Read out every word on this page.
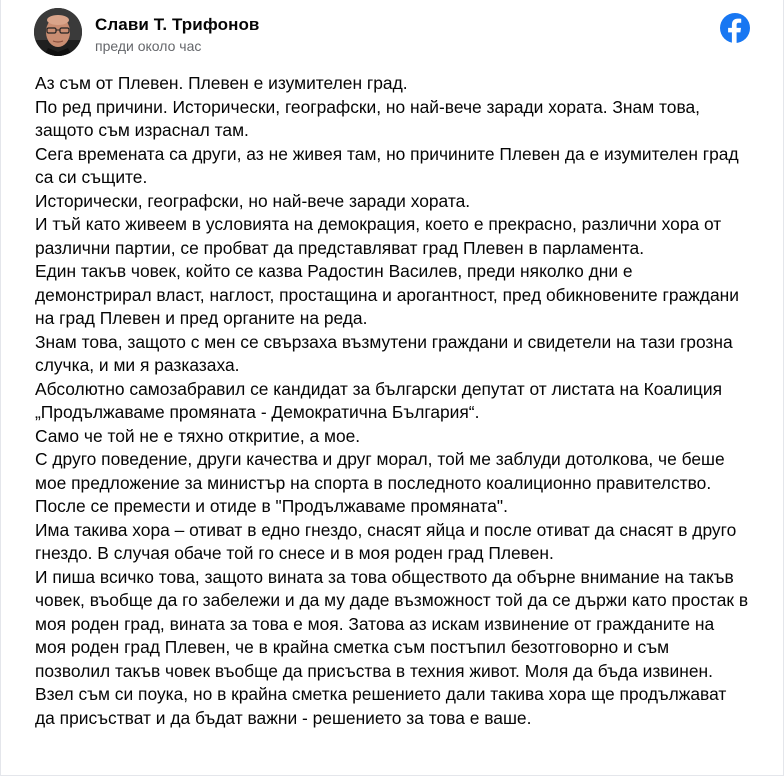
Слави Т. Трифонов
преди около час
Аз съм от Плевен. Плевен е изумителен град.
По ред причини. Исторически, географски, но най-вече заради хората. Знам това,
защото съм израснал там.
Сега времената са други, аз не живея там, но причините Плевен да е изумителен град
са си същите.
Исторически, географски, но най-вече заради хората.
И тъй като живеем в условията на демокрация, което е прекрасно, различни хора от
различни партии, се пробват да представляват град Плевен в парламента.
Един такъв човек, който се казва Радостин Василев, преди няколко дни е
демонстрирал власт, наглост, простащина и арогантност, пред обикновените граждани
на град Плевен и пред органите на реда.
Знам това, защото с мен се свързаха възмутени граждани и свидетели на тази грозна
случка, и ми я разказаха.
Абсолютно самозабравил се кандидат за български депутат от листата на Коалиция
„Продължаваме промяната - Демократична България“.
Само че той не е тяхно откритие, а мое.
С друго поведение, други качества и друг морал, той ме заблуди дотолкова, че беше
мое предложение за министър на спорта в последното коалиционно правителство.
После се премести и отиде в "Продължаваме промяната".
Има такива хора – отиват в едно гнездо, снасят яйца и после отиват да снасят в друго
гнездо. В случая обаче той го снесе и в моя роден град Плевен.
И пиша всичко това, защото вината за това обществото да обърне внимание на такъв
човек, въобще да го забележи и да му даде възможност той да се държи като простак в
моя роден град, вината за това е моя. Затова аз искам извинение от гражданите на
моя роден град Плевен, че в крайна сметка съм постъпил безотговорно и съм
позволил такъв човек въобще да присъства в техния живот. Моля да бъда извинен.
Взел съм си поука, но в крайна сметка решението дали такива хора ще продължават
да присъстват и да бъдат важни - решението за това е ваше.
